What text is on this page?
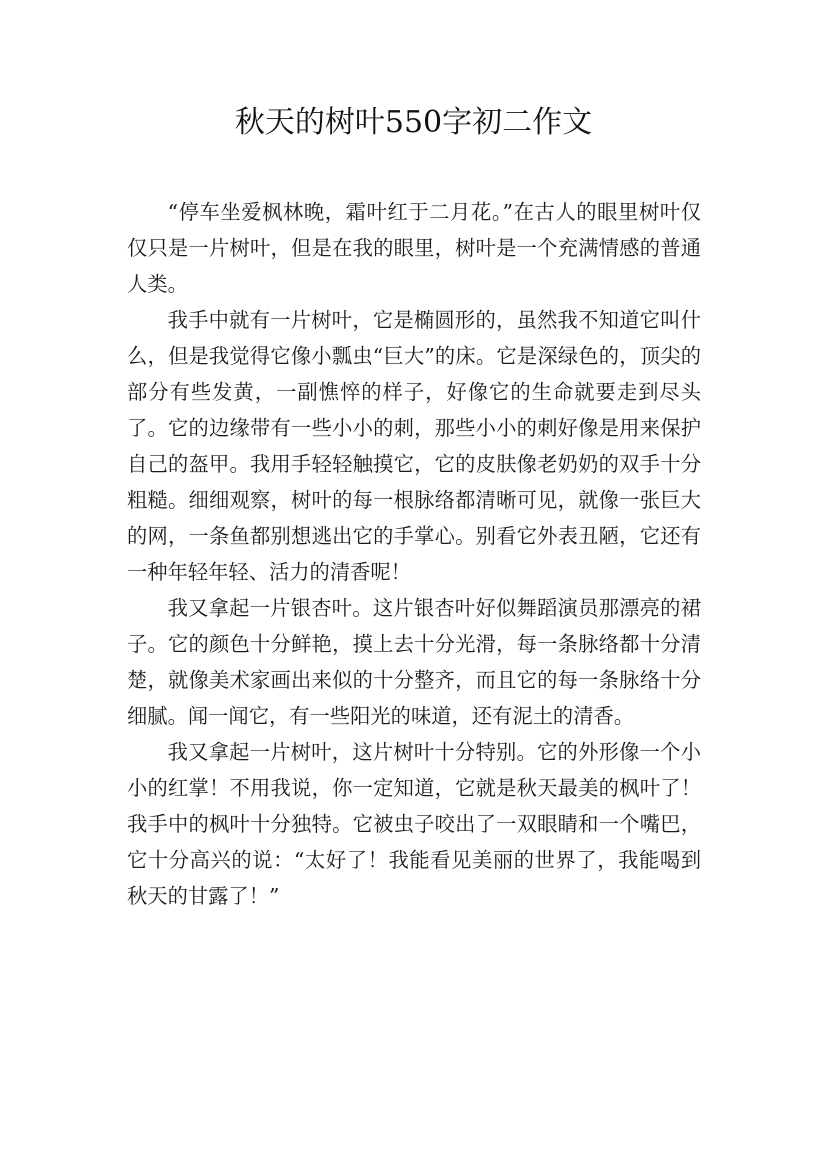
秋天的树叶550字初二作文

“停车坐爱枫林晚，霜叶红于二月花。”在古人的眼里树叶仅仅只是一片树叶，但是在我的眼里，树叶是一个充满情感的普通人类。

我手中就有一片树叶，它是椭圆形的，虽然我不知道它叫什么，但是我觉得它像小瓢虫“巨大”的床。它是深绿色的，顶尖的部分有些发黄，一副憔悴的样子，好像它的生命就要走到尽头了。它的边缘带有一些小小的刺，那些小小的刺好像是用来保护自己的盔甲。我用手轻轻触摸它，它的皮肤像老奶奶的双手十分粗糙。细细观察，树叶的每一根脉络都清晰可见，就像一张巨大的网，一条鱼都别想逃出它的手掌心。别看它外表丑陋，它还有一种年轻年轻、活力的清香呢！

我又拿起一片银杏叶。这片银杏叶好似舞蹈演员那漂亮的裙子。它的颜色十分鲜艳，摸上去十分光滑，每一条脉络都十分清楚，就像美术家画出来似的十分整齐，而且它的每一条脉络十分细腻。闻一闻它，有一些阳光的味道，还有泥土的清香。

我又拿起一片树叶，这片树叶十分特别。它的外形像一个小小的红掌！不用我说，你一定知道，它就是秋天最美的枫叶了！我手中的枫叶十分独特。它被虫子咬出了一双眼睛和一个嘴巴，它十分高兴的说：“太好了！我能看见美丽的世界了，我能喝到秋天的甘露了！”
